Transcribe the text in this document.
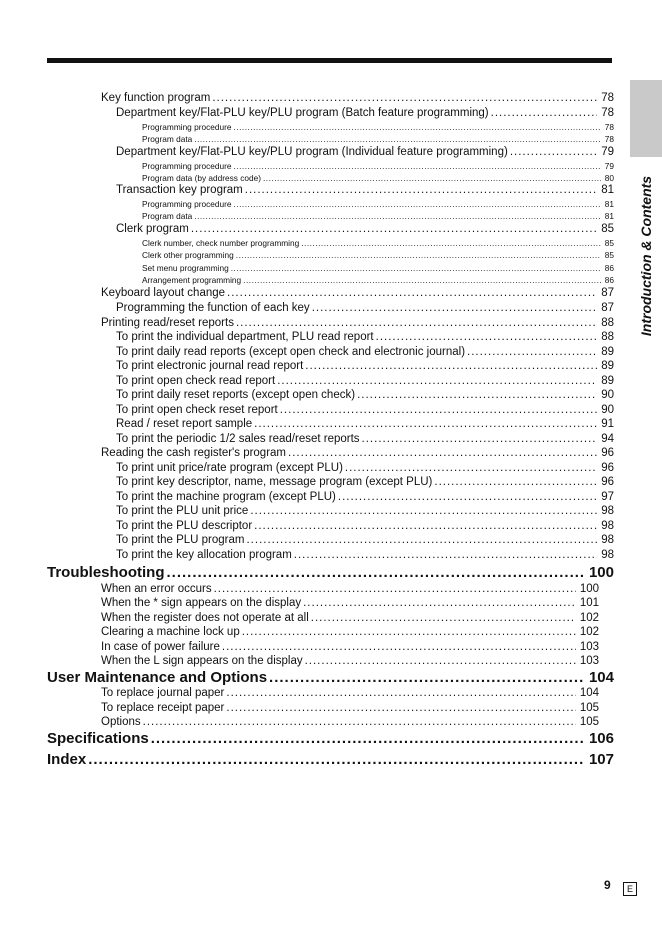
Introduction & Contents
Key function program .....	78
Department key/Flat-PLU key/PLU program (Batch feature programming) .....	78
Programming procedure .....	78
Program data .....	78
Department key/Flat-PLU key/PLU program (Individual feature programming) .....	79
Programming procedure .....	79
Program data (by address code) .....	80
Transaction key program .....	81
Programming procedure .....	81
Program data .....	81
Clerk program .....	85
Clerk number, check number programming .....	85
Clerk other programming .....	85
Set menu programming .....	86
Arrangement programming .....	86
Keyboard layout change .....	87
Programming the function of each key .....	87
Printing read/reset reports .....	88
To print the individual department, PLU read report .....	88
To print daily read reports (except open check and electronic journal) .....	89
To print electronic journal read report .....	89
To print open check read report .....	89
To print daily reset reports (except open check) .....	90
To print open check reset report .....	90
Read / reset report sample .....	91
To print the periodic 1/2 sales read/reset reports .....	94
Reading the cash register's program .....	96
To print unit price/rate program (except PLU) .....	96
To print key descriptor, name, message program (except PLU) .....	96
To print the machine program (except PLU) .....	97
To print the PLU unit price .....	98
To print the PLU descriptor .....	98
To print the PLU program .....	98
To print the key allocation program .....	98
Troubleshooting .....	100
When an error occurs .....	100
When the * sign appears on the display .....	101
When the register does not operate at all .....	102
Clearing a machine lock up .....	102
In case of power failure .....	103
When the L sign appears on the display .....	103
User Maintenance and Options .....	104
To replace journal paper .....	104
To replace receipt paper .....	105
Options .....	105
Specifications .....	106
Index .....	107
9	E
